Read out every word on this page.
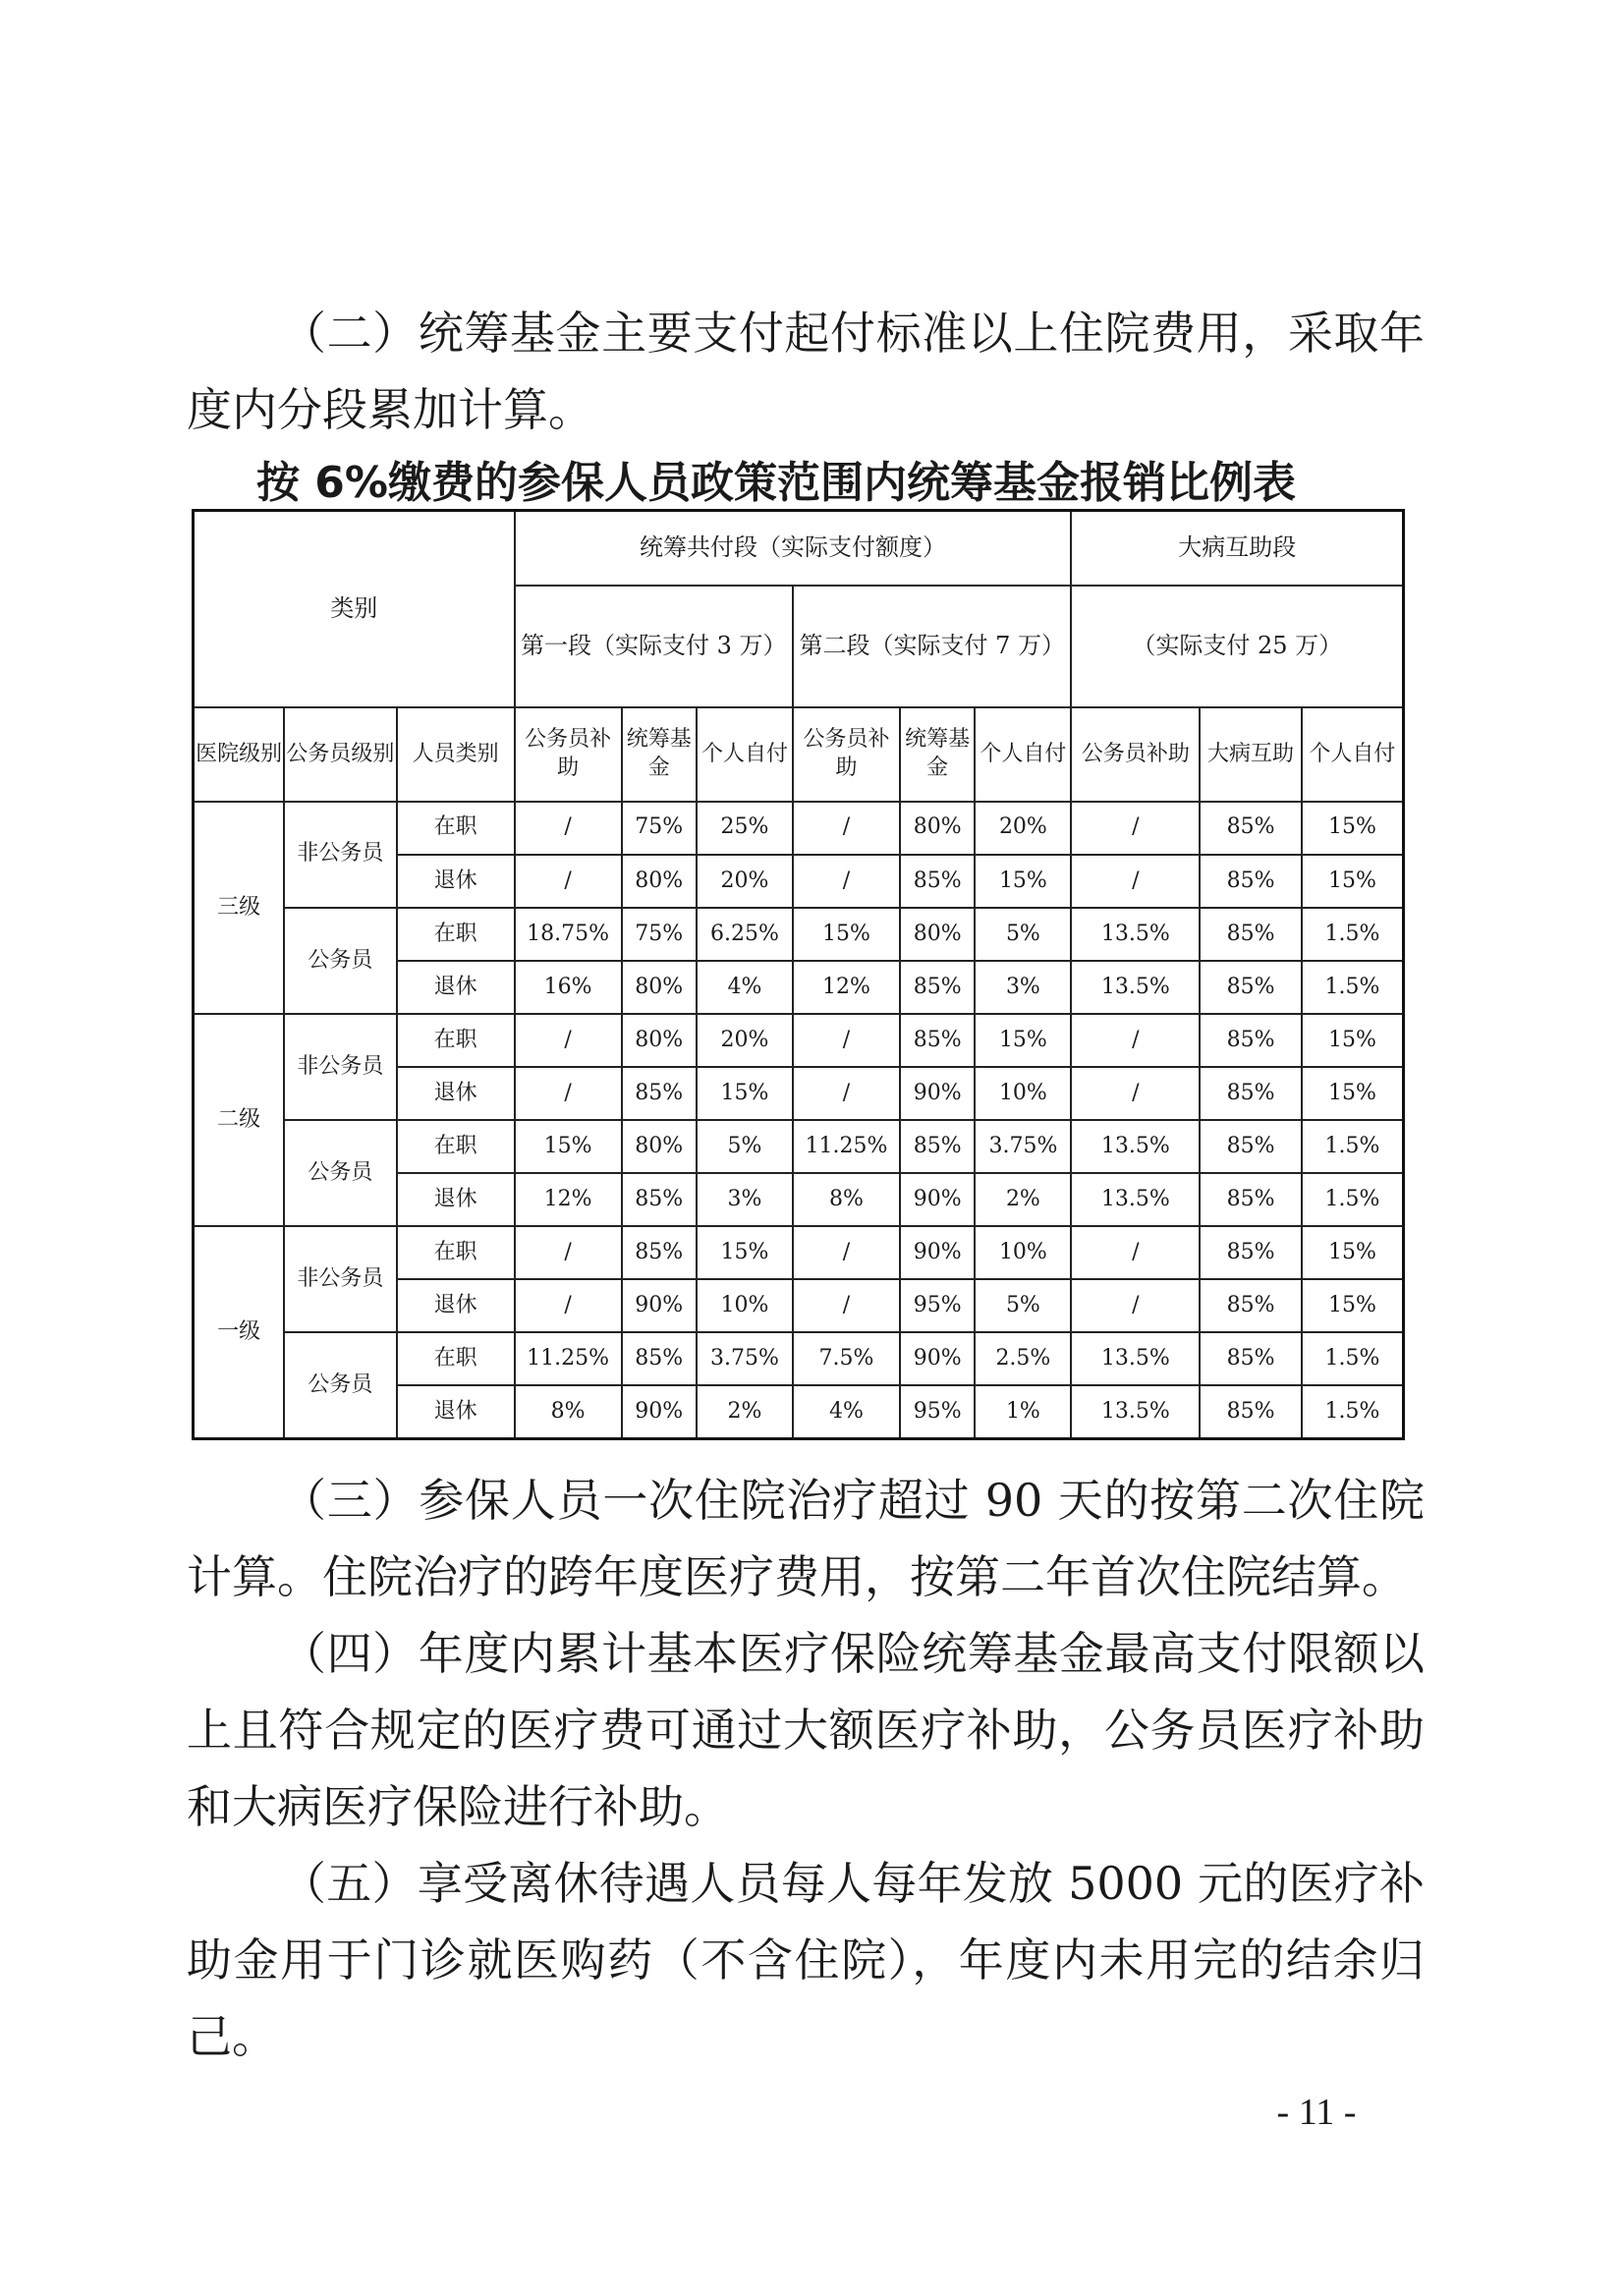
（二）统筹基金主要支付起付标准以上住院费用，采取年度内分段累加计算。

按 6%缴费的参保人员政策范围内统筹基金报销比例表
类别			统筹共付段（实际支付额度）						大病互助段		
			第一段（实际支付 3 万）			第二段（实际支付 7 万）			（实际支付 25 万）		
医院级别	公务员级别	人员类别	公务员补助	统筹基金	个人自付	公务员补助	统筹基金	个人自付	公务员补助	大病互助	个人自付
三级	非公务员	在职	/	75%	25%	/	80%	20%	/	85%	15%
		退休	/	80%	20%	/	85%	15%	/	85%	15%
	公务员	在职	18.75%	75%	6.25%	15%	80%	5%	13.5%	85%	1.5%
		退休	16%	80%	4%	12%	85%	3%	13.5%	85%	1.5%
二级	非公务员	在职	/	80%	20%	/	85%	15%	/	85%	15%
		退休	/	85%	15%	/	90%	10%	/	85%	15%
	公务员	在职	15%	80%	5%	11.25%	85%	3.75%	13.5%	85%	1.5%
		退休	12%	85%	3%	8%	90%	2%	13.5%	85%	1.5%
一级	非公务员	在职	/	85%	15%	/	90%	10%	/	85%	15%
		退休	/	90%	10%	/	95%	5%	/	85%	15%
	公务员	在职	11.25%	85%	3.75%	7.5%	90%	2.5%	13.5%	85%	1.5%
		退休	8%	90%	2%	4%	95%	1%	13.5%	85%	1.5%

（三）参保人员一次住院治疗超过 90 天的按第二次住院计算。住院治疗的跨年度医疗费用，按第二年首次住院结算。

（四）年度内累计基本医疗保险统筹基金最高支付限额以上且符合规定的医疗费可通过大额医疗补助，公务员医疗补助和大病医疗保险进行补助。

（五）享受离休待遇人员每人每年发放 5000 元的医疗补助金用于门诊就医购药（不含住院），年度内未用完的结余归己。

- 11 -
